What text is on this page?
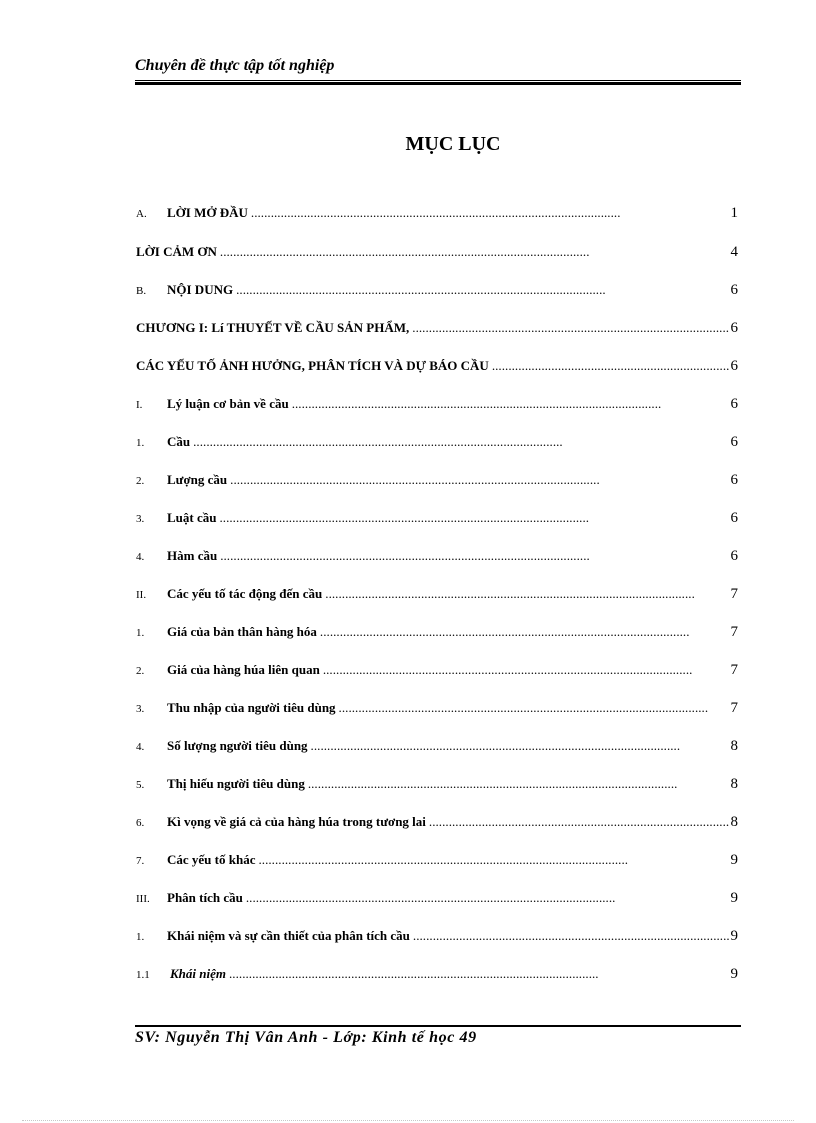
Chuyên đề thực tập tốt nghiệp
MỤC LỤC
A.	LỜI MỞ ĐẦU . . .	1
LỜI CẢM ƠN . . .	4
B.	NỘI DUNG . . .	6
CHƯƠNG I: Lí THUYẾT VỀ CẦU SẢN PHẨM, . . .	6
CÁC YẾU TỐ ẢNH HƯỞNG, PHÂN TÍCH VÀ DỰ BÁO CẦU . . .	6
I.	Lý luận cơ bản về cầu . . .	6
1.	Cầu . . .	6
2.	Lượng cầu . . .	6
3.	Luật cầu . . .	6
4.	Hàm cầu . . .	6
II.	Các yếu tố tác động đến cầu . . .	7
1.	Giá của bản thân hàng hóa . . .	7
2.	Giá của hàng húa liên quan . . .	7
3.	Thu nhập của người tiêu dùng . . .	7
4.	Số lượng người tiêu dùng . . .	8
5.	Thị hiếu người tiêu dùng . . .	8
6.	Kì vọng về giá cả của hàng húa trong tương lai . . .	8
7.	Các yếu tố khác . . .	9
III.	Phân tích cầu . . .	9
1.	Khái niệm và sự cần thiết của phân tích cầu . . .	9
1.1	Khái niệm . . .	9
SV: Nguyễn Thị Vân Anh - Lớp: Kinh tế học 49
